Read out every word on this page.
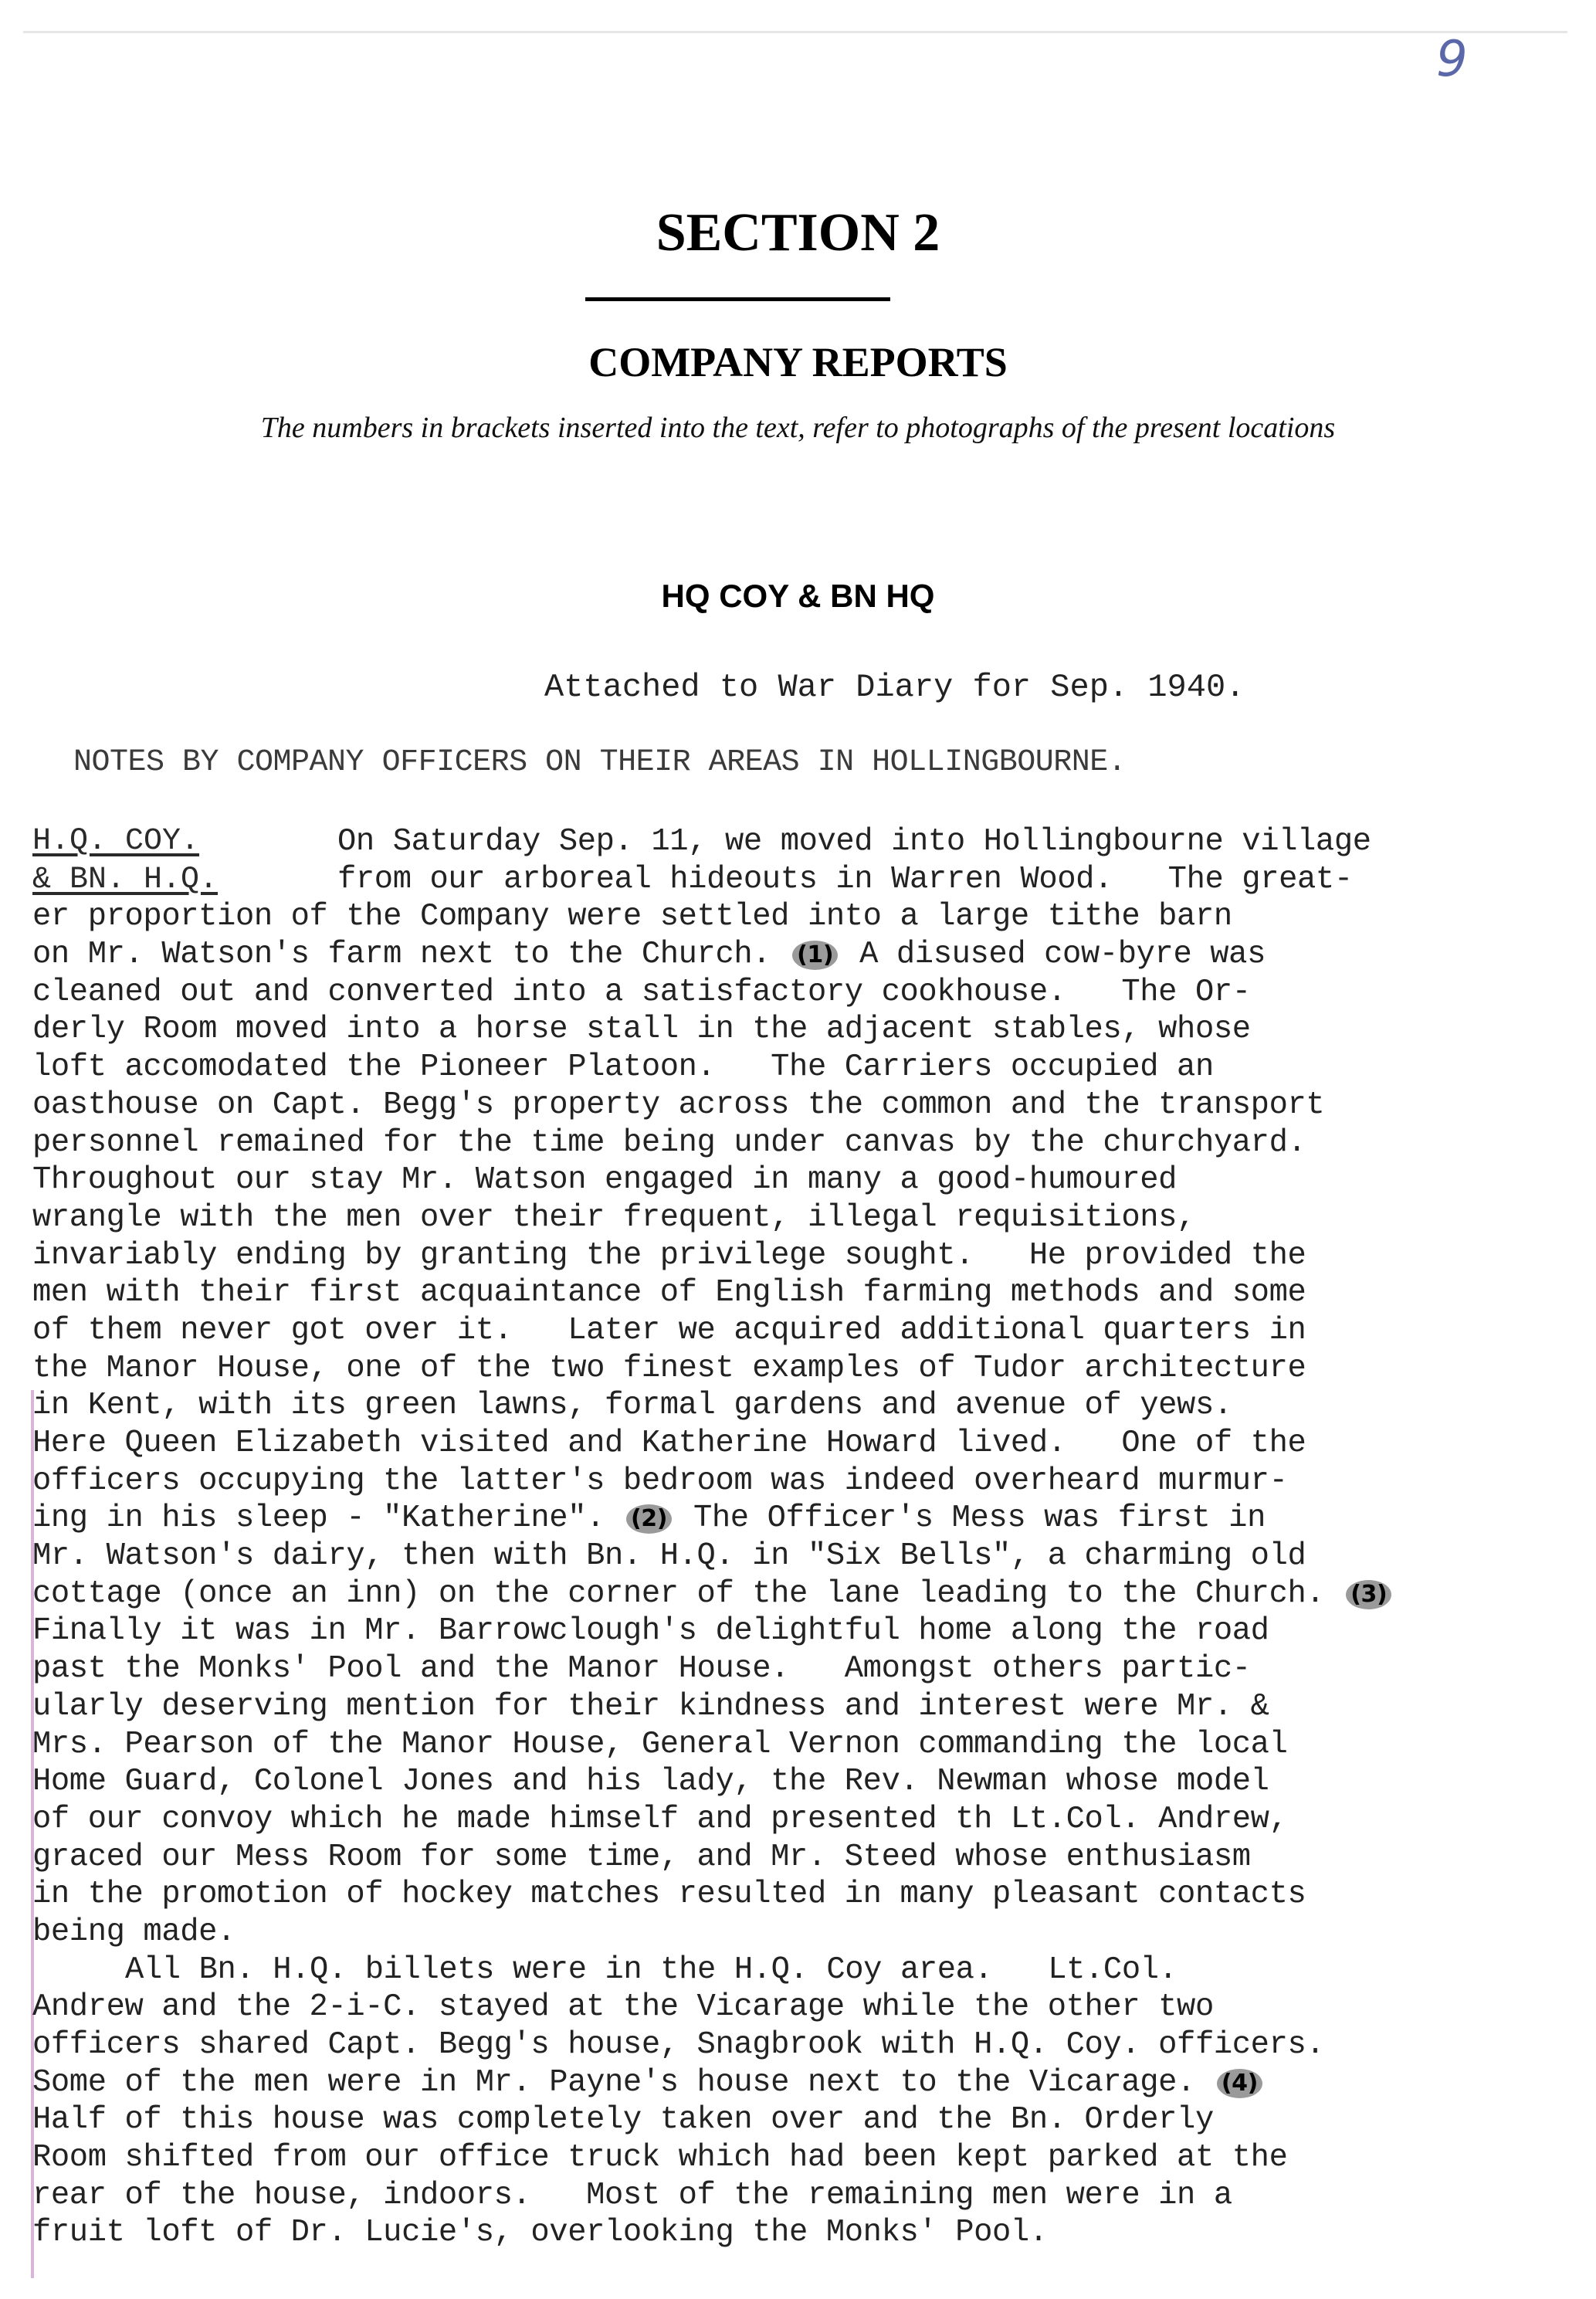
9
SECTION 2
COMPANY REPORTS
The numbers in brackets inserted into the text, refer to photographs of the present locations
HQ COY & BN HQ
Attached to War Diary for Sep. 1940.
NOTES BY COMPANY OFFICERS ON THEIR AREAS IN HOLLINGBOURNE.
H.Q. COY.
& BN. H.Q.
On Saturday Sep. 11, we moved into Hollingbourne village
from our arboreal hideouts in Warren Wood.   The great-
er proportion of the Company were settled into a large tithe barn
on Mr. Watson's farm next to the Church. (1) A disused cow-byre was
cleaned out and converted into a satisfactory cookhouse.   The Or-
derly Room moved into a horse stall in the adjacent stables, whose
loft accomodated the Pioneer Platoon.   The Carriers occupied an
oasthouse on Capt. Begg's property across the common and the transport
personnel remained for the time being under canvas by the churchyard.
Throughout our stay Mr. Watson engaged in many a good-humoured
wrangle with the men over their frequent, illegal requisitions,
invariably ending by granting the privilege sought.   He provided the
men with their first acquaintance of English farming methods and some
of them never got over it.   Later we acquired additional quarters in
the Manor House, one of the two finest examples of Tudor architecture
in Kent, with its green lawns, formal gardens and avenue of yews.
Here Queen Elizabeth visited and Katherine Howard lived.   One of the
officers occupying the latter's bedroom was indeed overheard murmur-
ing in his sleep - "Katherine". (2) The Officer's Mess was first in
Mr. Watson's dairy, then with Bn. H.Q. in "Six Bells", a charming old
cottage (once an inn) on the corner of the lane leading to the Church. (3)
Finally it was in Mr. Barrowclough's delightful home along the road
past the Monks' Pool and the Manor House.   Amongst others partic-
ularly deserving mention for their kindness and interest were Mr. &
Mrs. Pearson of the Manor House, General Vernon commanding the local
Home Guard, Colonel Jones and his lady, the Rev. Newman whose model
of our convoy which he made himself and presented th Lt.Col. Andrew,
graced our Mess Room for some time, and Mr. Steed whose enthusiasm
in the promotion of hockey matches resulted in many pleasant contacts
being made.
All Bn. H.Q. billets were in the H.Q. Coy area.   Lt.Col.
Andrew and the 2-i-C. stayed at the Vicarage while the other two
officers shared Capt. Begg's house, Snagbrook with H.Q. Coy. officers.
Some of the men were in Mr. Payne's house next to the Vicarage. (4)
Half of this house was completely taken over and the Bn. Orderly
Room shifted from our office truck which had been kept parked at the
rear of the house, indoors.   Most of the remaining men were in a
fruit loft of Dr. Lucie's, overlooking the Monks' Pool.
